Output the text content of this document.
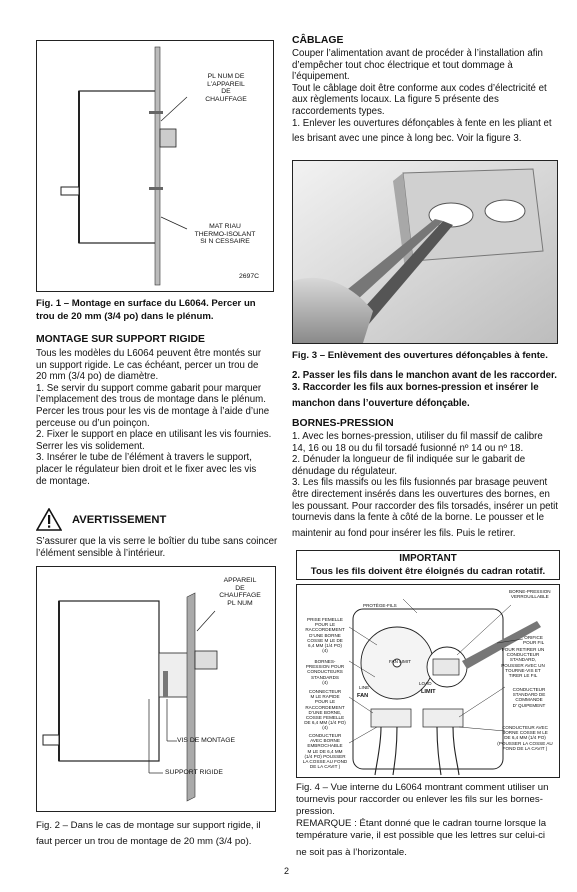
PL NUM DE
L’APPAREIL
DE
CHAUFFAGE
MAT RIAU
THERMO-ISOLANT
SI N CESSAIRE
2697C
Fig. 1 – Montage en surface du L6064. Percer un
trou de 20 mm (3/4 po) dans le plénum.
MONTAGE SUR SUPPORT RIGIDE
Tous les modèles du L6064 peuvent être montés sur
un support rigide. Le cas échéant, percer un trou de
20 mm (3/4 po) de diamètre.
1. Se servir du support comme gabarit pour marquer
l’emplacement des trous de montage dans le plénum.
Percer les trous pour les vis de montage à l’aide d’une
perceuse ou d’un poinçon.
2. Fixer le support en place en utilisant les vis fournies.
Serrer les vis solidement.
3. Insérer le tube de l’élément à travers le support,
placer le régulateur bien droit et le fixer avec les vis
de montage.
AVERTISSEMENT
S’assurer que la vis serre le boîtier du tube sans coincer
l’élément sensible à l’intérieur.
APPAREIL
DE
CHAUFFAGE
PL NUM
VIS DE MONTAGE
SUPPORT RIGIDE
Fig. 2 – Dans le cas de montage sur support rigide, il
faut percer un trou de montage de 20 mm (3/4 po).
CÂBLAGE
Couper l’alimentation avant de procéder à l’installation afin
d’empêcher tout choc électrique et tout dommage à
l’équipement.
Tout le câblage doit être conforme aux codes d’électricité et
aux règlements locaux. La figure 5 présente des
raccordements types.
1. Enlever les ouvertures défonçables à fente en les pliant et
les brisant avec une pince à long bec. Voir la figure 3.
Fig. 3 – Enlèvement des ouvertures défonçables à fente.
2. Passer les fils dans le manchon avant de les raccorder.
3. Raccorder les fils aux bornes-pression et insérer le
manchon dans l’ouverture défonçable.
BORNES-PRESSION
1. Avec les bornes-pression, utiliser du fil massif de calibre
14, 16 ou 18 ou du fil torsadé fusionné nº 14 ou nº 18.
2. Dénuder la longueur de fil indiquée sur le gabarit de
dénudage du régulateur.
3. Les fils massifs ou les fils fusionnés par brasage peuvent
être directement insérés dans les ouvertures des bornes, en
les poussant. Pour raccorder des fils torsadés, insérer un petit
tournevis dans la fente à côté de la borne. Le pousser et le
maintenir au fond pour insérer les fils. Puis le retirer.
IMPORTANT
Tous les fils doivent être éloignés du cadran rotatif.
PROTÈGE-FILS
BORNE-PRESSION
VERROUILLABLE
PRISE FEMELLE
POUR LE
RACCORDEMENT
D’UNE BORNE
COSSE M LE DE
6,4 MM (1/4 PO)
(4)
BORNES-
PRESSION POUR
CONDUCTEURS
STANDARDS
(4)
CONNECTEUR
M LE RAPIDE
POUR LE
RACCORDEMENT
D’UNE BORNE,
COSSE FEMELLE
DE 6,4 MM (1/4 PO)
(4)
CONDUCTEUR
AVEC BORNE
EMBROCHABLE
M LE DE 6,4 MM
(1/4 PO) POUSSER
LA COSSE AU FOND
DE LA CAVIT )
ORIFICE
POUR FIL
POUR RETIRER UN
CONDUCTEUR
STANDARD,
POUSSER AVEC UN
TOURNE-VIS ET
TIRER LE FIL
CONDUCTEUR
STANDARD DE
COMMANDE
D’ QUIPEMENT
CONDUCTEUR AVEC
BORNE COSSE M LE
DE 6,4 MM (1/4 PO)
(POUSSER LA COSSE AU
FOND DE LA CAVIT )
FAN LIMIT
LINE
FAN
LOAD
LIMIT
Fig. 4 – Vue interne du L6064 montrant comment utiliser un
tournevis pour raccorder ou enlever les fils sur les bornes-
pression.
REMARQUE : Étant donné que le cadran tourne lorsque la
température varie, il est possible que les lettres sur celui-ci
ne soit pas à l’horizontale.
2
